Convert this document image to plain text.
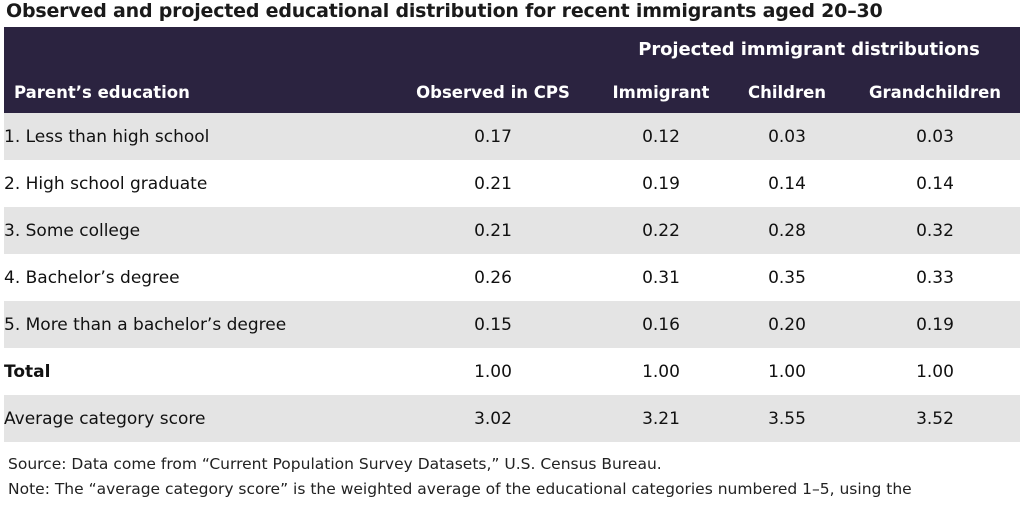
Observed and projected educational distribution for recent immigrants aged 20–30
		Projected immigrant distributions		
Parent’s education	Observed in CPS	Immigrant	Children	Grandchildren
1. Less than high school	0.17	0.12	0.03	0.03
2. High school graduate	0.21	0.19	0.14	0.14
3. Some college	0.21	0.22	0.28	0.32
4. Bachelor’s degree	0.26	0.31	0.35	0.33
5. More than a bachelor’s degree	0.15	0.16	0.20	0.19
Total	1.00	1.00	1.00	1.00
Average category score	3.02	3.21	3.55	3.52
Source: Data come from “Current Population Survey Datasets,” U.S. Census Bureau.
Note: The “average category score” is the weighted average of the educational categories numbered 1–5, using the
